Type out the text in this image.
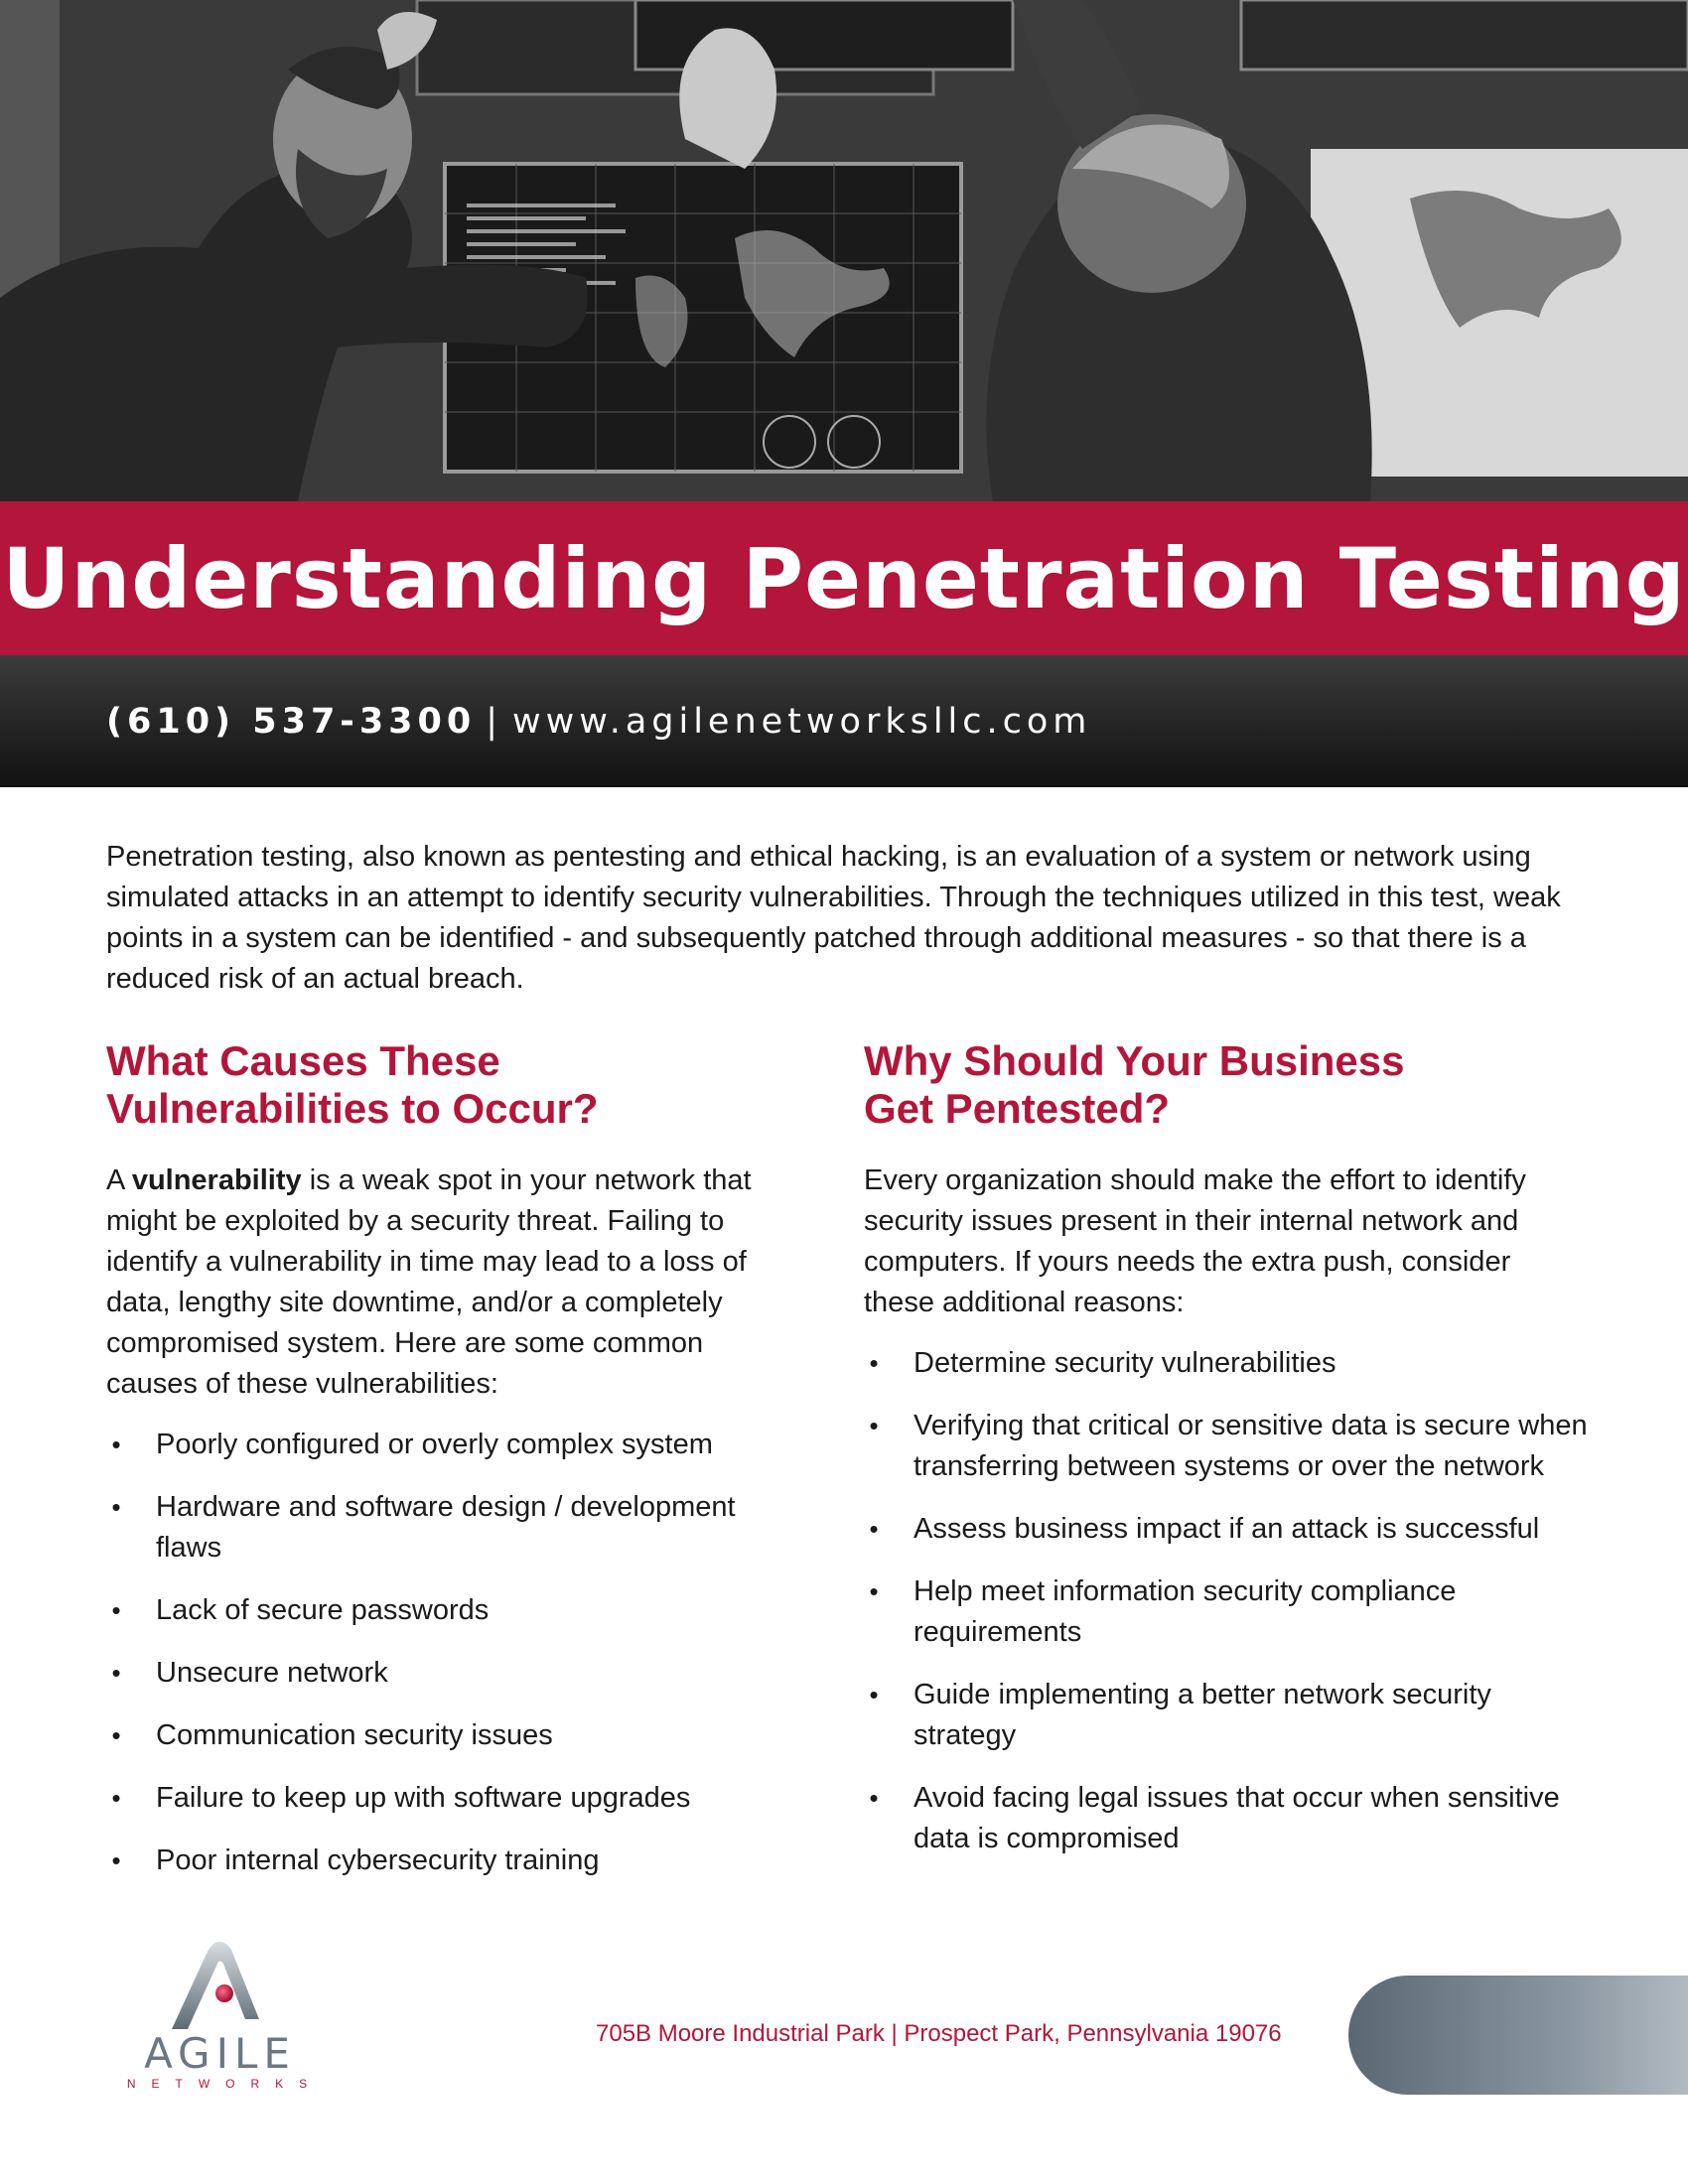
Understanding Penetration Testing
(610) 537-3300 | www.agilenetworksllc.com

Penetration testing, also known as pentesting and ethical hacking, is an evaluation of a system or network using simulated attacks in an attempt to identify security vulnerabilities. Through the techniques utilized in this test, weak points in a system can be identified - and subsequently patched through additional measures - so that there is a reduced risk of an actual breach.

What Causes These
Vulnerabilities to Occur?

A vulnerability is a weak spot in your network that might be exploited by a security threat. Failing to identify a vulnerability in time may lead to a loss of data, lengthy site downtime, and/or a completely compromised system. Here are some common causes of these vulnerabilities:

• Poorly configured or overly complex system
• Hardware and software design / development flaws
• Lack of secure passwords
• Unsecure network
• Communication security issues
• Failure to keep up with software upgrades
• Poor internal cybersecurity training
Why Should Your Business
Get Pentested?

Every organization should make the effort to identify security issues present in their internal network and computers. If yours needs the extra push, consider these additional reasons:

• Determine security vulnerabilities
• Verifying that critical or sensitive data is secure when transferring between systems or over the network
• Assess business impact if an attack is successful
• Help meet information security compliance requirements
• Guide implementing a better network security strategy
• Avoid facing legal issues that occur when sensitive data is compromised
AGILE
NETWORKS
705B Moore Industrial Park | Prospect Park, Pennsylvania 19076
